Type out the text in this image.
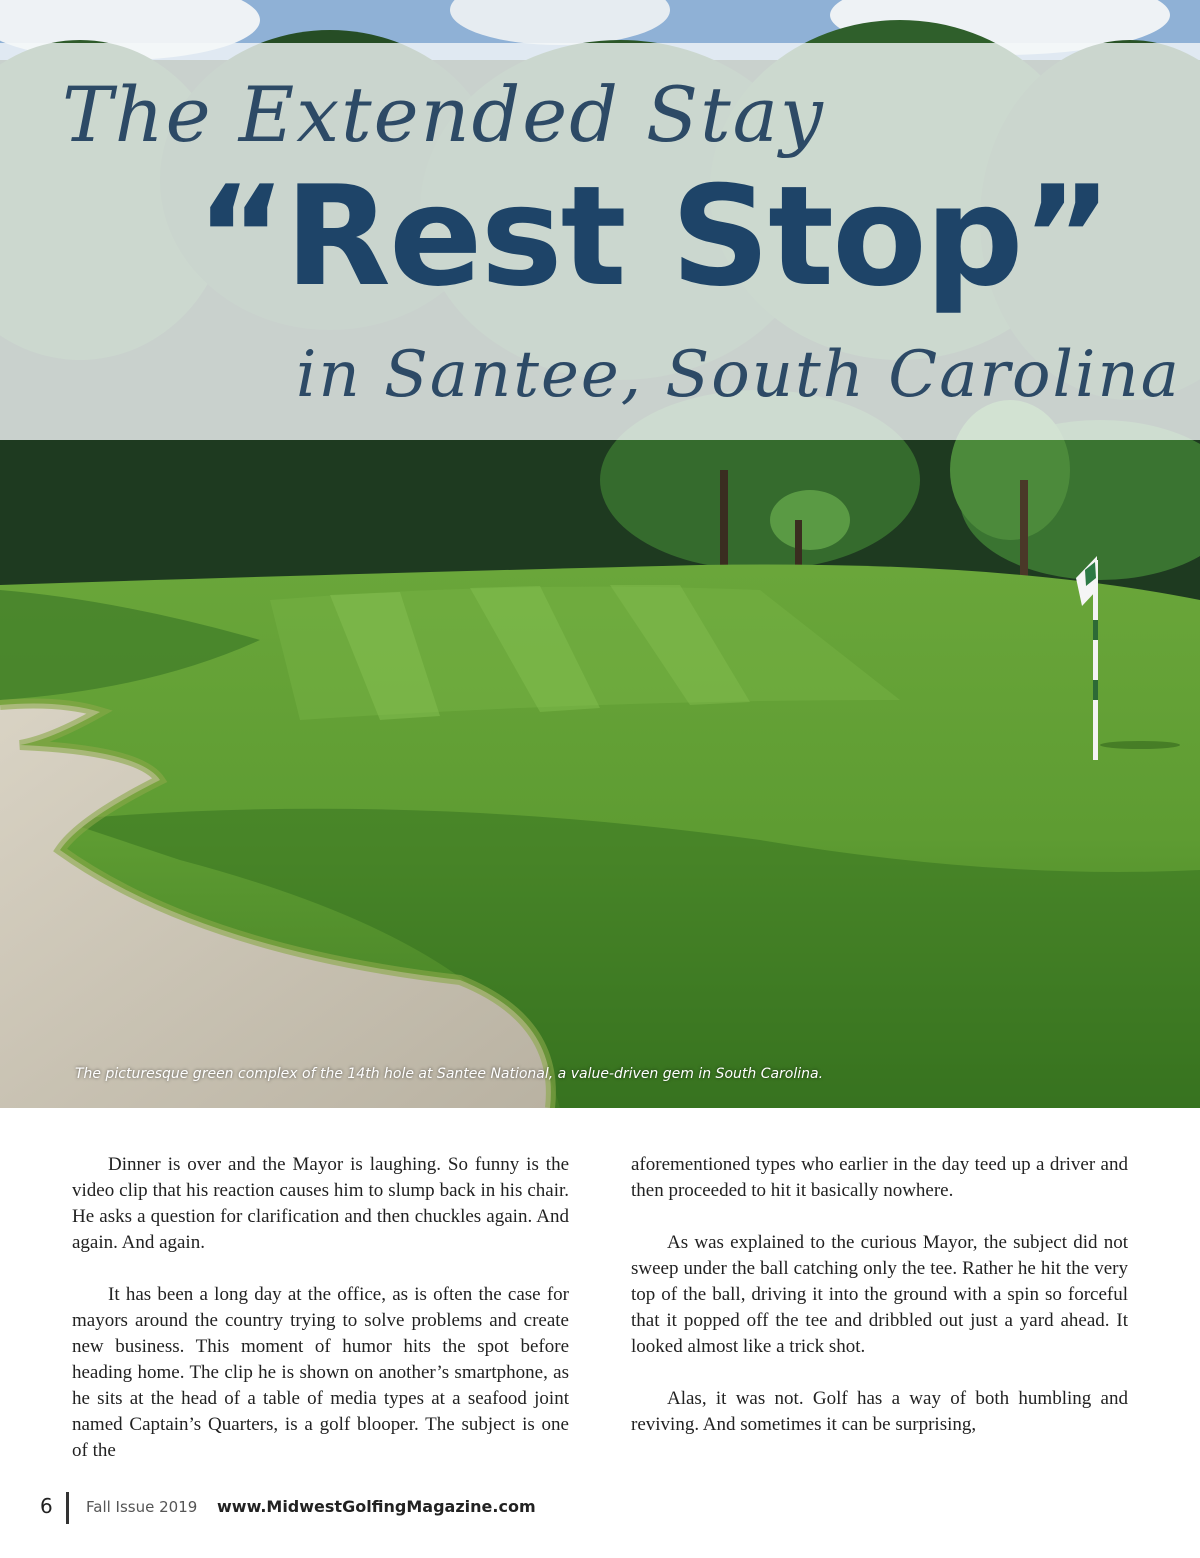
The Extended Stay
“Rest Stop”
in Santee, South Carolina
The picturesque green complex of the 14th hole at Santee National, a value-driven gem in South Carolina.

Dinner is over and the Mayor is laughing. So funny is the video clip that his reaction causes him to slump back in his chair. He asks a question for clarification and then chuckles again. And again. And again.

It has been a long day at the office, as is often the case for mayors around the country trying to solve problems and create new business. This moment of humor hits the spot before heading home. The clip he is shown on another’s smartphone, as he sits at the head of a table of media types at a seafood joint named Captain’s Quarters, is a golf blooper. The subject is one of the

aforementioned types who earlier in the day teed up a driver and then proceeded to hit it basically nowhere.

As was explained to the curious Mayor, the subject did not sweep under the ball catching only the tee. Rather he hit the very top of the ball, driving it into the ground with a spin so forceful that it popped off the tee and dribbled out just a yard ahead. It looked almost like a trick shot.

Alas, it was not. Golf has a way of both humbling and reviving. And sometimes it can be surprising,

6 Fall Issue 2019 www.MidwestGolfingMagazine.com
